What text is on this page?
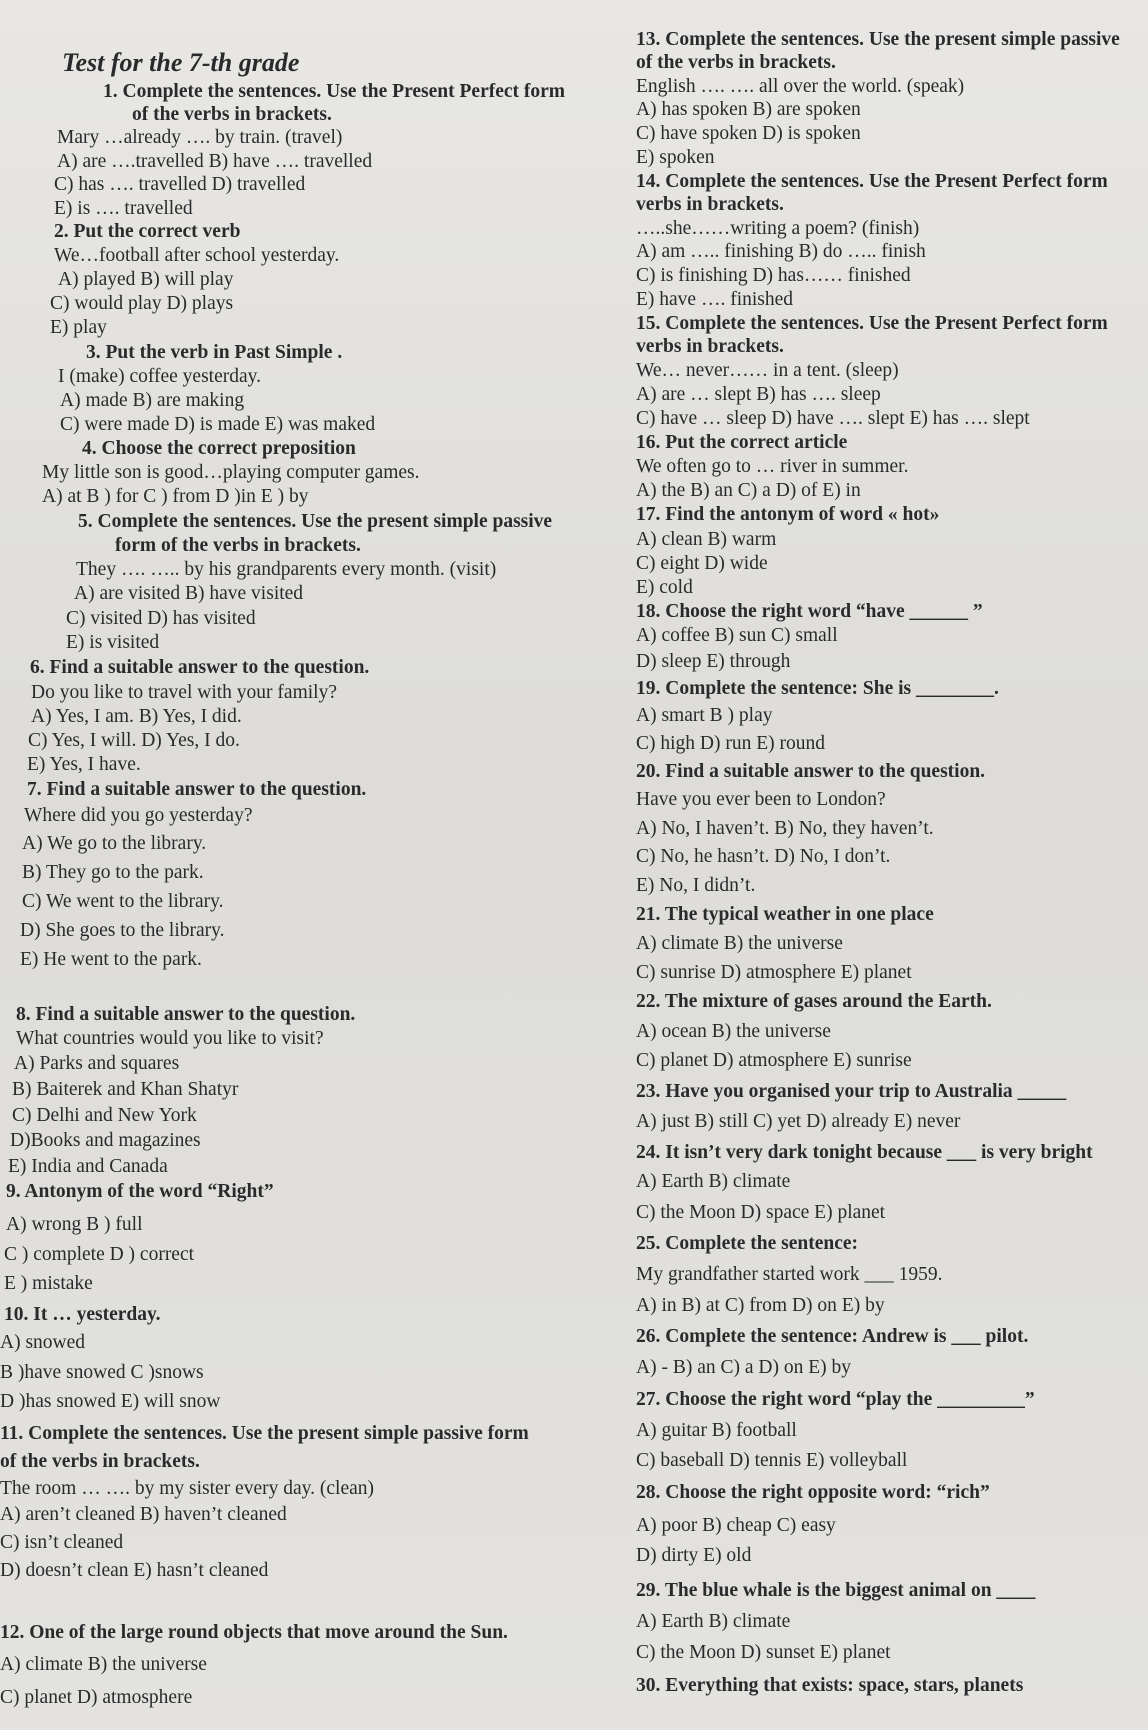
1. Complete the sentences. Use the Present Perfect form
of the verbs in brackets.
Mary …already …. by train. (travel)
A) are ….travelled B) have …. travelled
C) has …. travelled D) travelled
E) is …. travelled
2. Put the correct verb
We…football after school yesterday.
A) played B) will play
C) would play D) plays
E) play
3. Put the verb in Past Simple .
I (make) coffee yesterday.
A) made B) are making
C) were made D) is made E) was maked
4. Choose the correct preposition
My little son is good…playing computer games.
A) at B ) for C ) from D )in E ) by
5. Complete the sentences. Use the present simple passive
form of the verbs in brackets.
They …. ….. by his grandparents every month. (visit)
A) are visited B) have visited
C) visited D) has visited
E) is visited
6. Find a suitable answer to the question.
Do you like to travel with your family?
A) Yes, I am. B) Yes, I did.
C) Yes, I will. D) Yes, I do.
E) Yes, I have.
7. Find a suitable answer to the question.
Where did you go yesterday?
A) We go to the library.
B) They go to the park.
C) We went to the library.
D) She goes to the library.
E) He went to the park.
8. Find a suitable answer to the question.
What countries would you like to visit?
A) Parks and squares
B) Baiterek and Khan Shatyr
C) Delhi and New York
D)Books and magazines
E) India and Canada
9. Antonym of the word “Right”
A) wrong B ) full
C ) complete D ) correct
E ) mistake
10. It … yesterday.
A) snowed
B )have snowed C )snows
D )has snowed E) will snow
11. Complete the sentences. Use the present simple passive form
of the verbs in brackets.
The room … …. by my sister every day. (clean)
A) aren’t cleaned B) haven’t cleaned
C) isn’t cleaned
D) doesn’t clean E) hasn’t cleaned
12. One of the large round objects that move around the Sun.
A) climate B) the universe
C) planet D) atmosphere
Test for the 7-th grade
13. Complete the sentences. Use the present simple passive
of the verbs in brackets.
English …. …. all over the world. (speak)
A) has spoken B) are spoken
C) have spoken D) is spoken
E) spoken
14. Complete the sentences. Use the Present Perfect form
verbs in brackets.
…..she……writing a poem? (finish)
A) am ….. finishing B) do ….. finish
C) is finishing D) has…… finished
E) have …. finished
15. Complete the sentences. Use the Present Perfect form
verbs in brackets.
We… never…… in a tent. (sleep)
A) are … slept B) has …. sleep
C) have … sleep D) have …. slept E) has …. slept
16. Put the correct article
We often go to … river in summer.
A) the B) an C) a D) of E) in
17. Find the antonym of word « hot»
A) clean B) warm
C) eight D) wide
E) cold
18. Choose the right word “have ______ ”
A) coffee B) sun C) small
D) sleep E) through
19. Complete the sentence: She is ________.
A) smart B ) play
C) high D) run E) round
20. Find a suitable answer to the question.
Have you ever been to London?
A) No, I haven’t. B) No, they haven’t.
C) No, he hasn’t. D) No, I don’t.
E) No, I didn’t.
21. The typical weather in one place
A) climate B) the universe
C) sunrise D) atmosphere E) planet
22. The mixture of gases around the Earth.
A) ocean B) the universe
C) planet D) atmosphere E) sunrise
23. Have you organised your trip to Australia _____
A) just B) still C) yet D) already E) never
24. It isn’t very dark tonight because ___ is very bright
A) Earth B) climate
C) the Moon D) space E) planet
25. Complete the sentence:
My grandfather started work ___ 1959.
A) in B) at C) from D) on E) by
26. Complete the sentence: Andrew is ___ pilot.
A) - B) an C) a D) on E) by
27. Choose the right word “play the _________”
A) guitar B) football
C) baseball D) tennis E) volleyball
28. Choose the right opposite word: “rich”
A) poor B) cheap C) easy
D) dirty E) old
29. The blue whale is the biggest animal on ____
A) Earth B) climate
C) the Moon D) sunset E) planet
30. Everything that exists: space, stars, planets
